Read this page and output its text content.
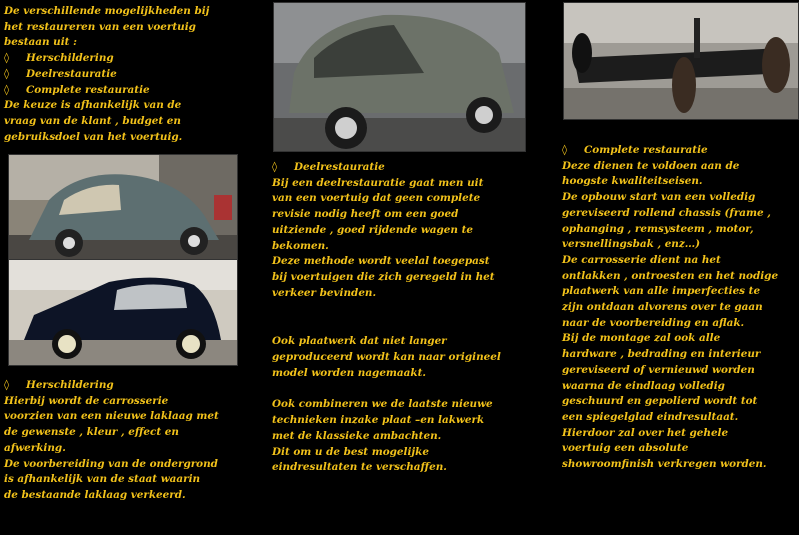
De verschillende mogelijkheden bij
het restaureren van een voertuig
bestaan uit :
◊ Herschildering
◊ Deelrestauratie
◊ Complete restauratie
De keuze is afhankelijk van de
vraag van de klant , budget en
gebruiksdoel van het voertuig.
◊ Herschildering
Hierbij wordt de carrosserie
voorzien van een nieuwe laklaag met
de gewenste , kleur , effect en
afwerking.
De voorbereiding van de ondergrond
is afhankelijk van de staat waarin
de bestaande laklaag verkeerd.
◊ Deelrestauratie
Bij een deelrestauratie gaat men uit
van een voertuig dat geen complete
revisie nodig heeft om een goed
uitziende , goed rijdende wagen te
bekomen.
Deze methode wordt veelal toegepast
bij voertuigen die zich geregeld in het
verkeer bevinden.
Ook plaatwerk dat niet langer
geproduceerd wordt kan naar origineel
model worden nagemaakt.
Ook combineren we de laatste nieuwe
technieken inzake plaat –en lakwerk
met de klassieke ambachten.
Dit om u de best mogelijke
eindresultaten te verschaffen.
◊ Complete restauratie
Deze dienen te voldoen aan de
hoogste kwaliteitseisen.
De opbouw start van een volledig
gereviseerd rollend chassis (frame ,
ophanging , remsysteem , motor,
versnellingsbak , enz…)
De carrosserie dient na het
ontlakken , ontroesten en het nodige
plaatwerk van alle imperfecties te
zijn ontdaan alvorens over te gaan
naar de voorbereiding en aflak.
Bij de montage zal ook alle
hardware , bedrading en interieur
gereviseerd of vernieuwd worden
waarna de eindlaag volledig
geschuurd en gepolierd wordt tot
een spiegelglad eindresultaat.
Hierdoor zal over het gehele
voertuig een absolute
showroomfinish verkregen worden.
